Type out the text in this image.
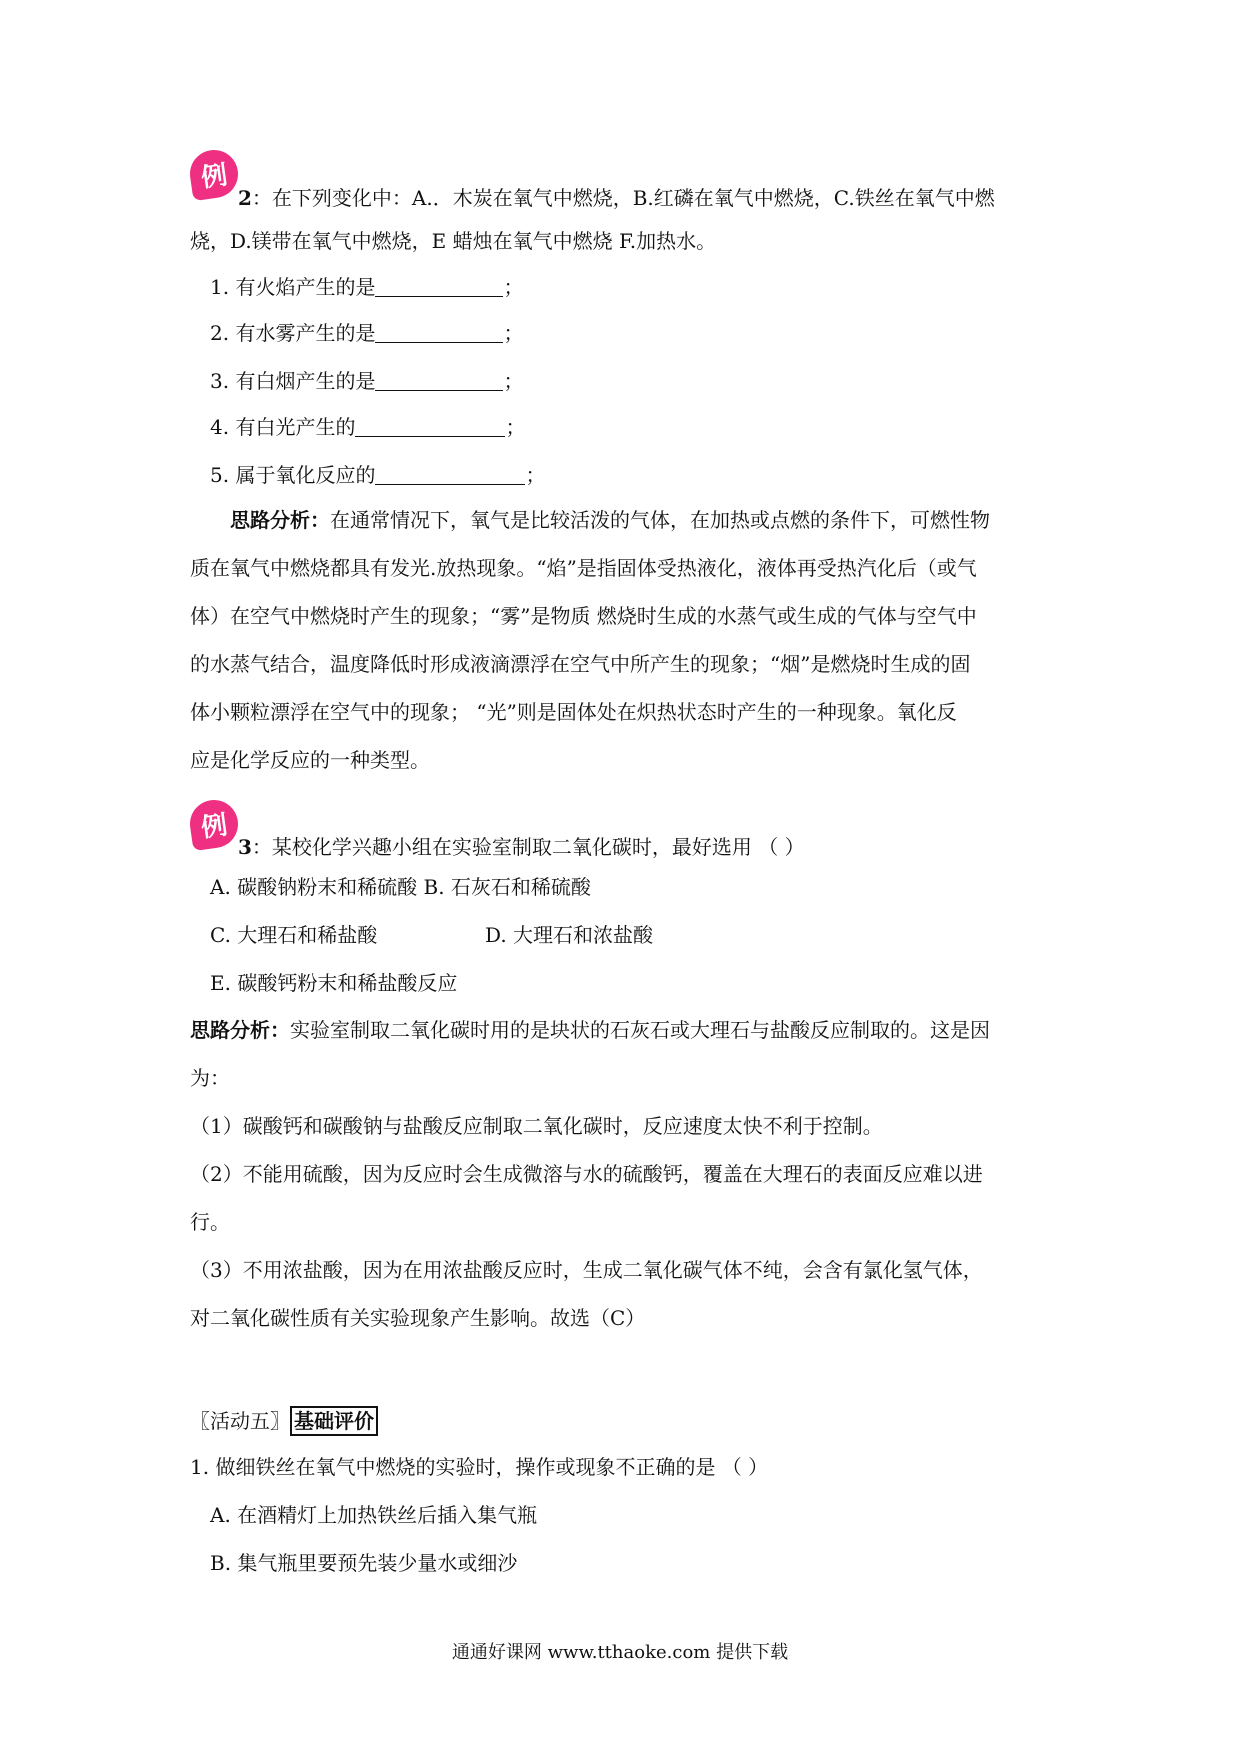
例
2：在下列变化中：A.．木炭在氧气中燃烧，B.红磷在氧气中燃烧，C.铁丝在氧气中燃
烧，D.镁带在氧气中燃烧，E 蜡烛在氧气中燃烧 F.加热水。
1. 有火焰产生的是	；
2. 有水雾产生的是	；
3. 有白烟产生的是	；
4. 有白光产生的	；
5. 属于氧化反应的	；
思路分析：在通常情况下，氧气是比较活泼的气体，在加热或点燃的条件下，可燃性物
质在氧气中燃烧都具有发光.放热现象。“焰”是指固体受热液化，液体再受热汽化后（或气
体）在空气中燃烧时产生的现象；“雾”是物质 燃烧时生成的水蒸气或生成的气体与空气中
的水蒸气结合，温度降低时形成液滴漂浮在空气中所产生的现象；“烟”是燃烧时生成的固
体小颗粒漂浮在空气中的现象； “光”则是固体处在炽热状态时产生的一种现象。氧化反
应是化学反应的一种类型。
例
3：某校化学兴趣小组在实验室制取二氧化碳时，最好选用 （ ）
A. 碳酸钠粉末和稀硫酸 B. 石灰石和稀硫酸
C. 大理石和稀盐酸	D. 大理石和浓盐酸
E. 碳酸钙粉末和稀盐酸反应
思路分析：实验室制取二氧化碳时用的是块状的石灰石或大理石与盐酸反应制取的。这是因
为：
（1）碳酸钙和碳酸钠与盐酸反应制取二氧化碳时，反应速度太快不利于控制。
（2）不能用硫酸，因为反应时会生成微溶与水的硫酸钙，覆盖在大理石的表面反应难以进
行。
（3）不用浓盐酸，因为在用浓盐酸反应时，生成二氧化碳气体不纯，会含有氯化氢气体，
对二氧化碳性质有关实验现象产生影响。故选（C）
〖活动五〗 基础评价
1. 做细铁丝在氧气中燃烧的实验时，操作或现象不正确的是 （ ）
A. 在酒精灯上加热铁丝后插入集气瓶
B. 集气瓶里要预先装少量水或细沙
通通好课网 www.tthaoke.com 提供下载
